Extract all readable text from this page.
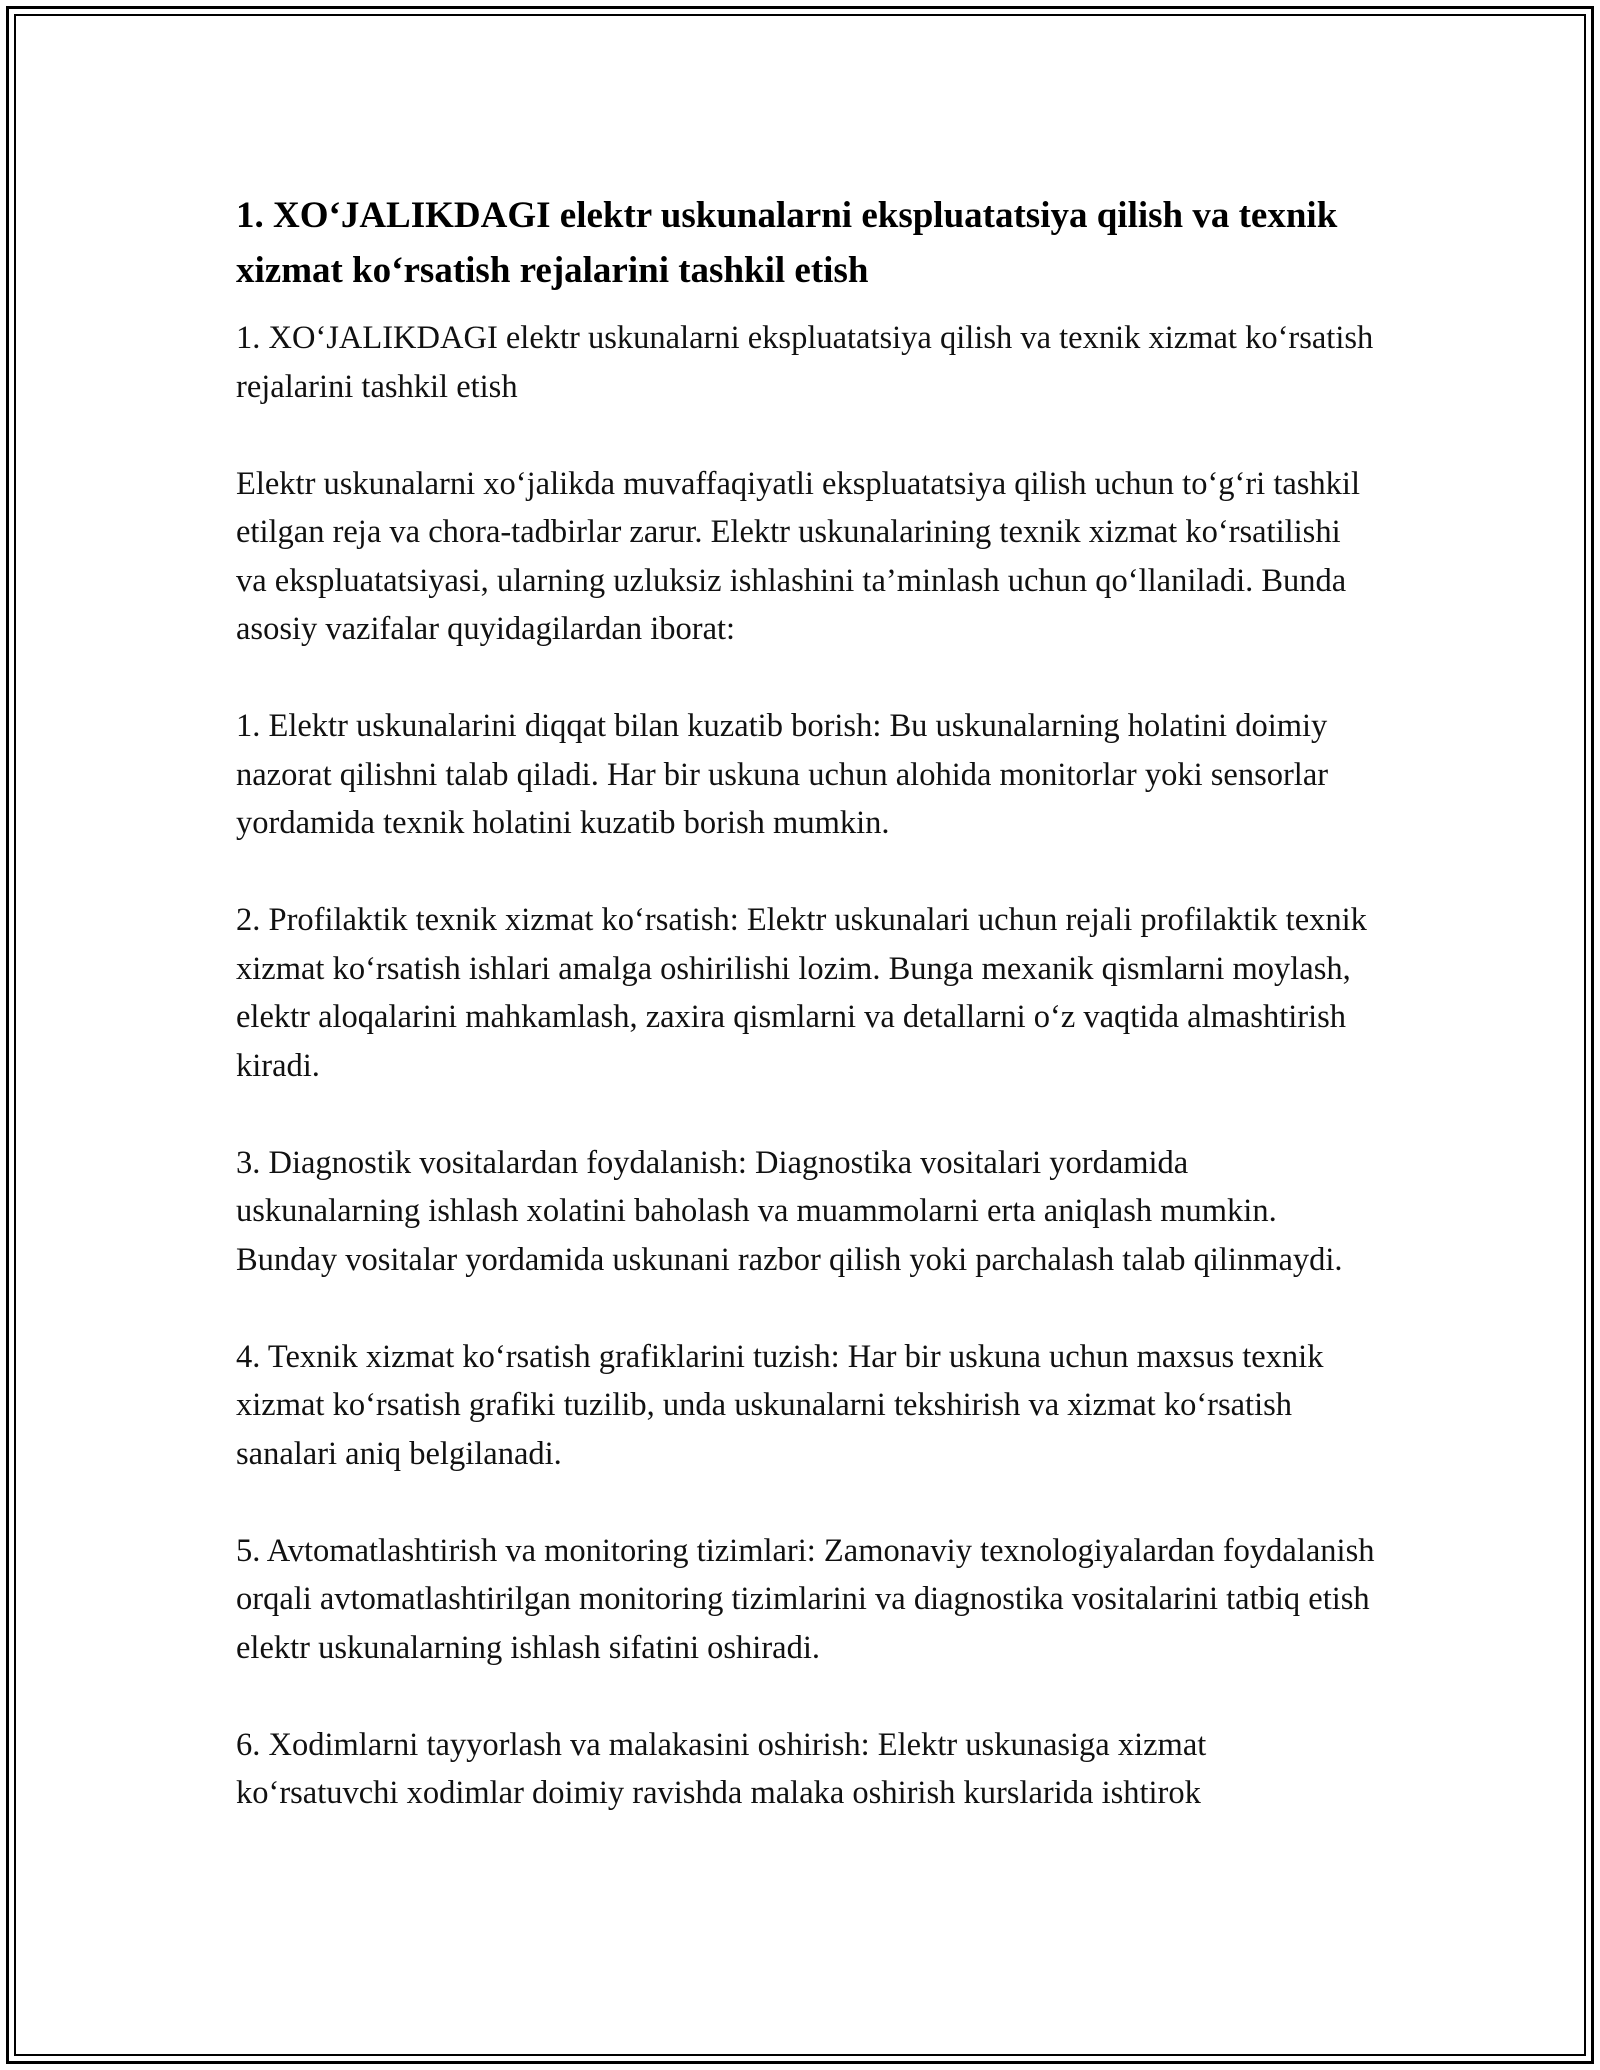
1. XO‘JALIKDAGI elektr uskunalarni ekspluatatsiya qilish va texnik xizmat ko‘rsatish rejalarini tashkil etish

1. XO‘JALIKDAGI elektr uskunalarni ekspluatatsiya qilish va texnik xizmat ko‘rsatish rejalarini tashkil etish

Elektr uskunalarni xo‘jalikda muvaffaqiyatli ekspluatatsiya qilish uchun to‘g‘ri tashkil etilgan reja va chora-tadbirlar zarur. Elektr uskunalarining texnik xizmat ko‘rsatilishi va ekspluatatsiyasi, ularning uzluksiz ishlashini ta’minlash uchun qo‘llaniladi. Bunda asosiy vazifalar quyidagilardan iborat:

1. Elektr uskunalarini diqqat bilan kuzatib borish: Bu uskunalarning holatini doimiy nazorat qilishni talab qiladi. Har bir uskuna uchun alohida monitorlar yoki sensorlar yordamida texnik holatini kuzatib borish mumkin.

2. Profilaktik texnik xizmat ko‘rsatish: Elektr uskunalari uchun rejali profilaktik texnik xizmat ko‘rsatish ishlari amalga oshirilishi lozim. Bunga mexanik qismlarni moylash, elektr aloqalarini mahkamlash, zaxira qismlarni va detallarni o‘z vaqtida almashtirish kiradi.

3. Diagnostik vositalardan foydalanish: Diagnostika vositalari yordamida uskunalarning ishlash xolatini baholash va muammolarni erta aniqlash mumkin. Bunday vositalar yordamida uskunani razbor qilish yoki parchalash talab qilinmaydi.

4. Texnik xizmat ko‘rsatish grafiklarini tuzish: Har bir uskuna uchun maxsus texnik xizmat ko‘rsatish grafiki tuzilib, unda uskunalarni tekshirish va xizmat ko‘rsatish sanalari aniq belgilanadi.

5. Avtomatlashtirish va monitoring tizimlari: Zamonaviy texnologiyalardan foydalanish orqali avtomatlashtirilgan monitoring tizimlarini va diagnostika vositalarini tatbiq etish elektr uskunalarning ishlash sifatini oshiradi.

6. Xodimlarni tayyorlash va malakasini oshirish: Elektr uskunasiga xizmat ko‘rsatuvchi xodimlar doimiy ravishda malaka oshirish kurslarida ishtirok
